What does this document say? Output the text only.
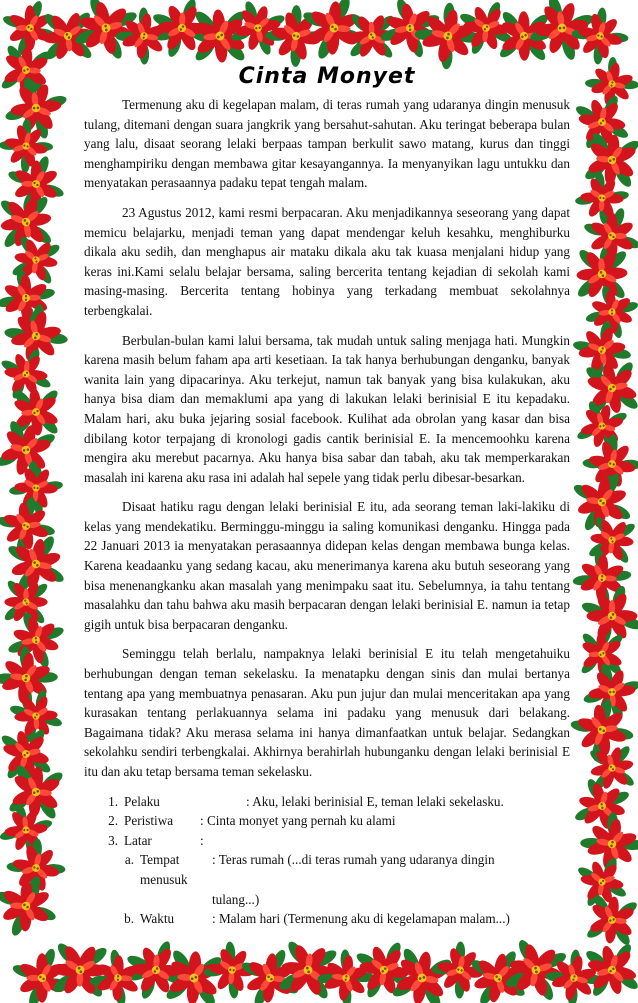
Cinta Monyet

Termenung aku di kegelapan malam, di teras rumah yang udaranya dingin menusuk tulang, ditemani dengan suara jangkrik yang bersahut-sahutan. Aku teringat beberapa bulan yang lalu, disaat seorang lelaki berpaas tampan berkulit sawo matang, kurus dan tinggi menghampiriku dengan membawa gitar kesayangannya. Ia menyanyikan lagu untukku dan menyatakan perasaannya padaku tepat tengah malam.

23 Agustus 2012, kami resmi berpacaran. Aku menjadikannya seseorang yang dapat memicu belajarku, menjadi teman yang dapat mendengar keluh kesahku, menghiburku dikala aku sedih, dan menghapus air mataku dikala aku tak kuasa menjalani hidup yang keras ini.Kami selalu belajar bersama, saling bercerita tentang kejadian di sekolah kami masing-masing. Bercerita tentang hobinya yang terkadang membuat sekolahnya terbengkalai.

Berbulan-bulan kami lalui bersama, tak mudah untuk saling menjaga hati. Mungkin karena masih belum faham apa arti kesetiaan. Ia tak hanya berhubungan denganku, banyak wanita lain yang dipacarinya. Aku terkejut, namun tak banyak yang bisa kulakukan, aku hanya bisa diam dan memaklumi apa yang di lakukan lelaki berinisial E itu kepadaku. Malam hari, aku buka jejaring sosial facebook. Kulihat ada obrolan yang kasar dan bisa dibilang kotor terpajang di kronologi gadis cantik berinisial E. Ia mencemoohku karena mengira aku merebut pacarnya. Aku hanya bisa sabar dan tabah, aku tak memperkarakan masalah ini karena aku rasa ini adalah hal sepele yang tidak perlu dibesar-besarkan.

Disaat hatiku ragu dengan lelaki berinisial E itu, ada seorang teman laki-lakiku di kelas yang mendekatiku. Berminggu-minggu ia saling komunikasi denganku. Hingga pada 22 Januari 2013 ia menyatakan perasaannya didepan kelas dengan membawa bunga kelas. Karena keadaanku yang sedang kacau, aku menerimanya karena aku butuh seseorang yang bisa menenangkanku akan masalah yang menimpaku saat itu. Sebelumnya, ia tahu tentang masalahku dan tahu bahwa aku masih berpacaran dengan lelaki berinisial E. namun ia tetap gigih untuk bisa berpacaran denganku.

Seminggu telah berlalu, nampaknya lelaki berinisial E itu telah mengetahuiku berhubungan dengan teman sekelasku. Ia menatapku dengan sinis dan mulai bertanya tentang apa yang membuatnya penasaran. Aku pun jujur dan mulai menceritakan apa yang kurasakan tentang perlakuannya selama ini padaku yang menusuk dari belakang. Bagaimana tidak? Aku merasa selama ini hanya dimanfaatkan untuk belajar. Sedangkan sekolahku sendiri terbengkalai. Akhirnya berahirlah hubunganku dengan lelaki berinisial E itu dan aku tetap bersama teman sekelasku.

1. Pelaku	: Aku, lelaki berinisial E, teman lelaki sekelasku.
2. Peristiwa	: Cinta monyet yang pernah ku alami
3. Latar	:
a. Tempat	: Teras rumah (...di teras rumah yang udaranya dingin
menusuk
tulang...)
b. Waktu	: Malam hari (Termenung aku di kegelamapan malam...)
